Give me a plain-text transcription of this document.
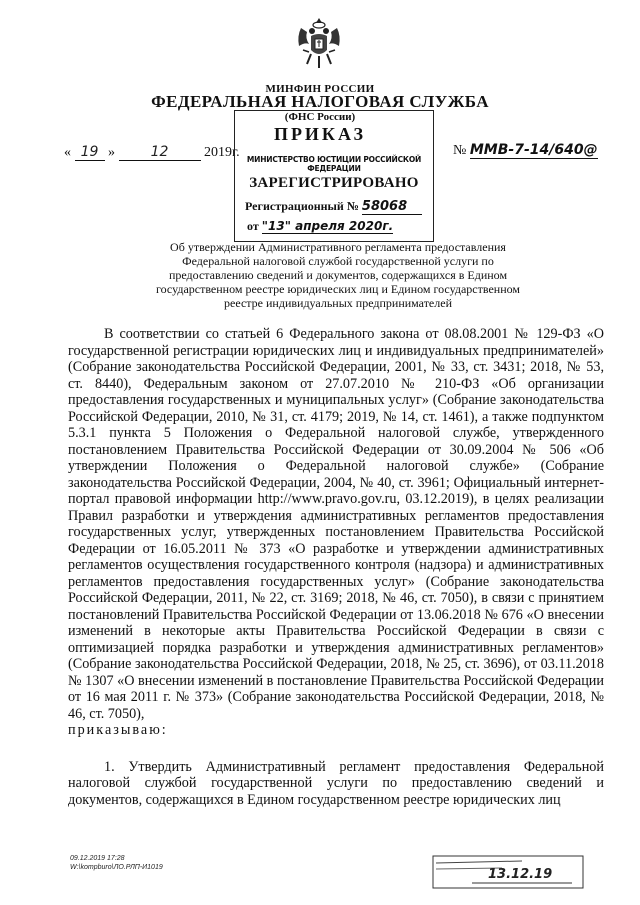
МИНФИН РОССИИ
ФЕДЕРАЛЬНАЯ НАЛОГОВАЯ СЛУЖБА
(ФНС России)
ПРИКАЗ
« 19 »	12	2019г.	№ ММВ-7-14/640@
МИНИСТЕРСТВО ЮСТИЦИИ РОССИЙСКОЙ ФЕДЕРАЦИИ
ЗАРЕГИСТРИРОВАНО
Регистрационный № 58068
от "13" апреля 2020г.
Об утверждении Административного регламента предоставления Федеральной налоговой службой государственной услуги по предоставлению сведений и документов, содержащихся в Едином государственном реестре юридических лиц и Едином государственном реестре индивидуальных предпринимателей

В соответствии со статьей 6 Федерального закона от 08.08.2001 № 129-ФЗ «О государственной регистрации юридических лиц и индивидуальных предпринимателей» (Собрание законодательства Российской Федерации, 2001, № 33, ст. 3431; 2018, № 53, ст. 8440), Федеральным законом от 27.07.2010 № 210-ФЗ «Об организации предоставления государственных и муниципальных услуг» (Собрание законодательства Российской Федерации, 2010, № 31, ст. 4179; 2019, № 14, ст. 1461), а также подпунктом 5.3.1 пункта 5 Положения о Федеральной налоговой службе, утвержденного постановлением Правительства Российской Федерации от 30.09.2004 № 506 «Об утверждении Положения о Федеральной налоговой службе» (Собрание законодательства Российской Федерации, 2004, № 40, ст. 3961; Официальный интернет-портал правовой информации http://www.pravo.gov.ru, 03.12.2019), в целях реализации Правил разработки и утверждения административных регламентов предоставления государственных услуг, утвержденных постановлением Правительства Российской Федерации от 16.05.2011 № 373 «О разработке и утверждении административных регламентов осуществления государственного контроля (надзора) и административных регламентов предоставления государственных услуг» (Собрание законодательства Российской Федерации, 2011, № 22, ст. 3169; 2018, № 46, ст. 7050), в связи с принятием постановлений Правительства Российской Федерации от 13.06.2018 № 676 «О внесении изменений в некоторые акты Правительства Российской Федерации в связи с оптимизацией порядка разработки и утверждения административных регламентов» (Собрание законодательства Российской Федерации, 2018, № 25, ст. 3696), от 03.11.2018 № 1307 «О внесении изменений в постановление Правительства Российской Федерации от 16 мая 2011 г. № 373» (Собрание законодательства Российской Федерации, 2018, № 46, ст. 7050),

приказываю:

1. Утвердить Административный регламент предоставления Федеральной налоговой службой государственной услуги по предоставлению сведений и документов, содержащихся в Едином государственном реестре юридических лиц

09.12.2019 17:28
W:\kompburo\ЛО.РЛП-И1019	13.12.19
